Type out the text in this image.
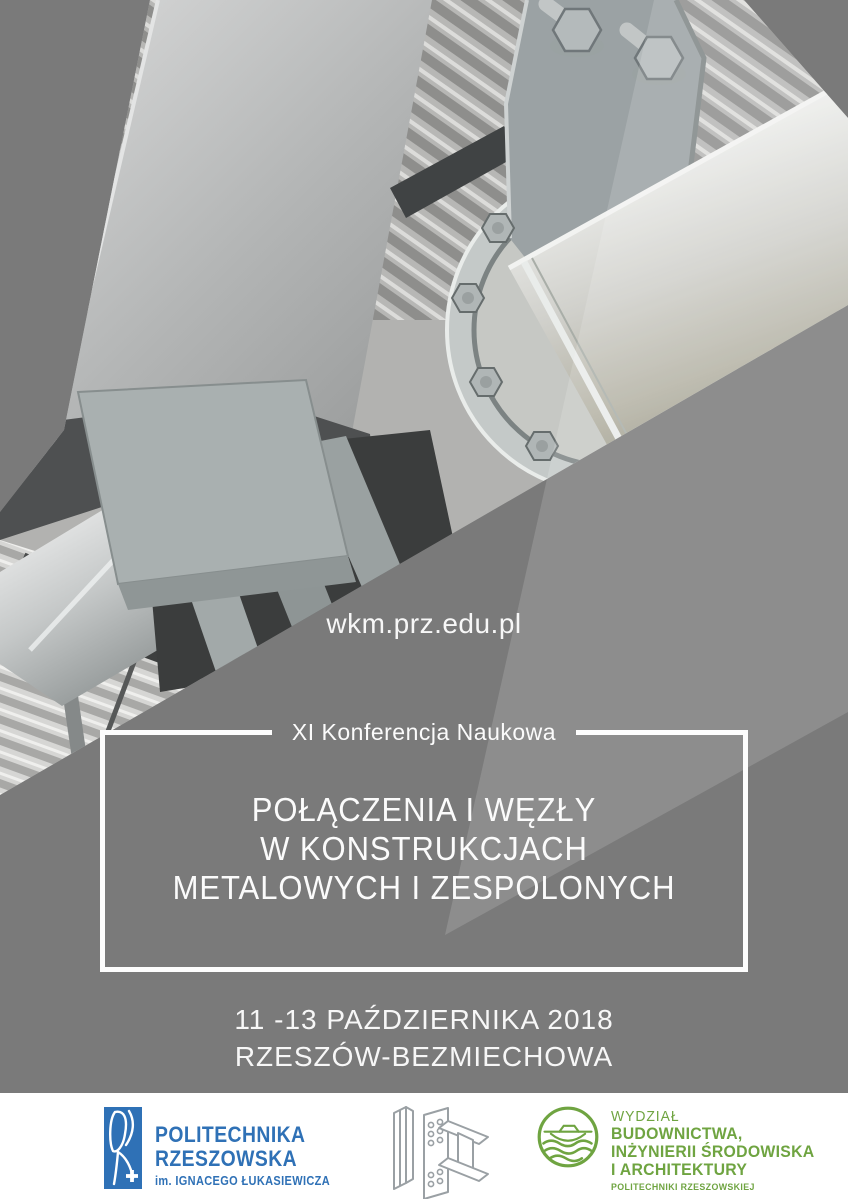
wkm.prz.edu.pl
XI Konferencja Naukowa
POŁĄCZENIA I WĘZŁY
W KONSTRUKCJACH
METALOWYCH I ZESPOLONYCH
11 -13 PAŹDZIERNIKA 2018
RZESZÓW-BEZMIECHOWA
POLITECHNIKA
RZESZOWSKA
im. IGNACEGO ŁUKASIEWICZA
WYDZIAŁ
BUDOWNICTWA,
INŻYNIERII ŚRODOWISKA
I ARCHITEKTURY
POLITECHNIKI RZESZOWSKIEJ
